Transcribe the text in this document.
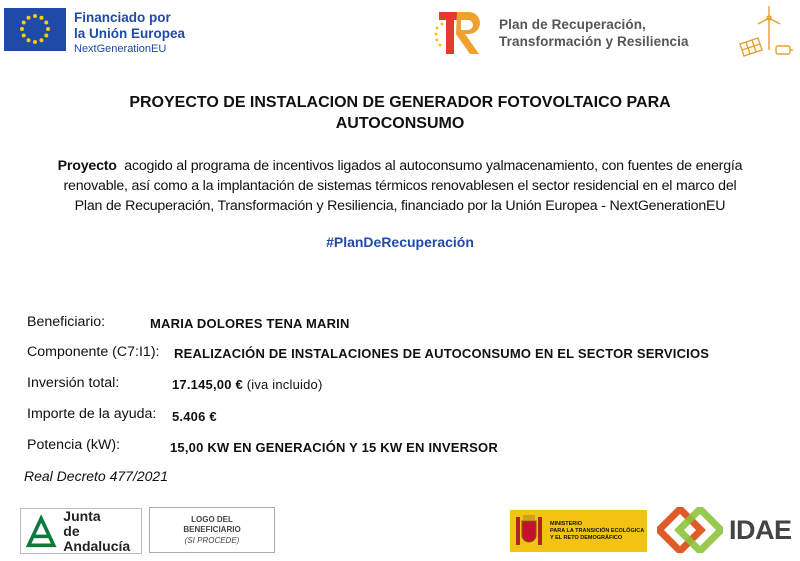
Financiado por
la Unión Europea
NextGenerationEU
Plan de Recuperación,
Transformación y Resiliencia
PROYECTO DE INSTALACION DE GENERADOR FOTOVOLTAICO PARA
AUTOCONSUMO
Proyecto  acogido al programa de incentivos ligados al autoconsumo yalmacenamiento, con fuentes de energía
renovable, así como a la implantación de sistemas térmicos renovablesen el sector residencial en el marco del
Plan de Recuperación, Transformación y Resiliencia, financiado por la Unión Europea - NextGenerationEU
#PlanDeRecuperación
Beneficiario:	MARIA DOLORES TENA MARIN
Componente (C7:I1): REALIZACIÓN DE INSTALACIONES DE AUTOCONSUMO EN EL SECTOR SERVICIOS
Inversión total:	17.145,00 € (iva incluido)
Importe de la ayuda: 5.406 €
Potencia (kW):	15,00 KW EN GENERACIÓN Y 15 KW EN INVERSOR
Real Decreto 477/2021
Junta
de Andalucía
LOGO DEL
BENEFICIARIO
(SI PROCEDE)
MINISTERIO
PARA LA TRANSICIÓN ECOLÓGICA
Y EL RETO DEMOGRÁFICO	IDAE
